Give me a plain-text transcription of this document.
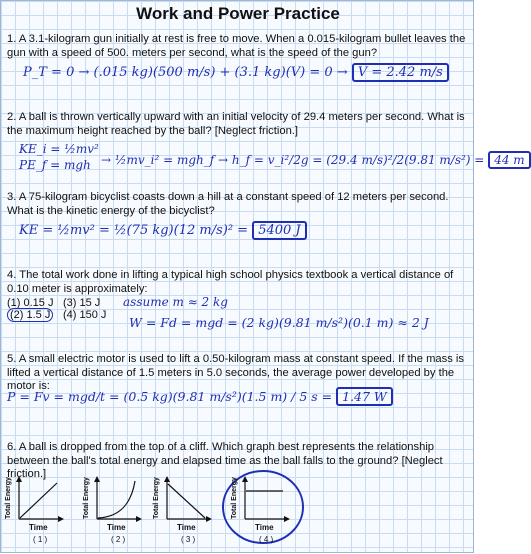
Work and Power Practice
1. A 3.1-kilogram gun initially at rest is free to move. When a 0.015-kilogram bullet leaves the gun with a speed of 500. meters per second, what is the speed of the gun?
P_T = 0 → (.015 kg)(500 m/s) + (3.1 kg)(V) = 0 → V = 2.42 m/s
2. A ball is thrown vertically upward with an initial velocity of 29.4 meters per second. What is the maximum height reached by the ball? [Neglect friction.]
KE_i = ½mv²
PE_f = mgh → ½mv_i² = mgh_f → h_f = v_i²/2g = (29.4 m/s)²/2(9.81 m/s²) = 44 m
3. A 75-kilogram bicyclist coasts down a hill at a constant speed of 12 meters per second. What is the kinetic energy of the bicyclist?
KE = ½mv² = ½(75 kg)(12 m/s)² = 5400 J
4. The total work done in lifting a typical high school physics textbook a vertical distance of 0.10 meter is approximately:
(1) 0.15 J
(2) 1.5 J
(3) 15 J
(4) 150 J
assume m ≈ 2 kg
W = Fd = mgd = (2 kg)(9.81 m/s²)(0.1 m) ≈ 2 J
5. A small electric motor is used to lift a 0.50-kilogram mass at constant speed. If the mass is lifted a vertical distance of 1.5 meters in 5.0 seconds, the average power developed by the motor is:
P = Fv = mgd/t = (0.5 kg)(9.81 m/s²)(1.5 m) / 5 s = 1.47 W
6. A ball is dropped from the top of a cliff. Which graph best represents the relationship between the ball's total energy and elapsed time as the ball falls to the ground? [Neglect friction.]
Total Energy
Time
( 1 )
Total Energy
Time
( 2 )
Total Energy
Time
( 3 )
Total Energy
Time
( 4 )
